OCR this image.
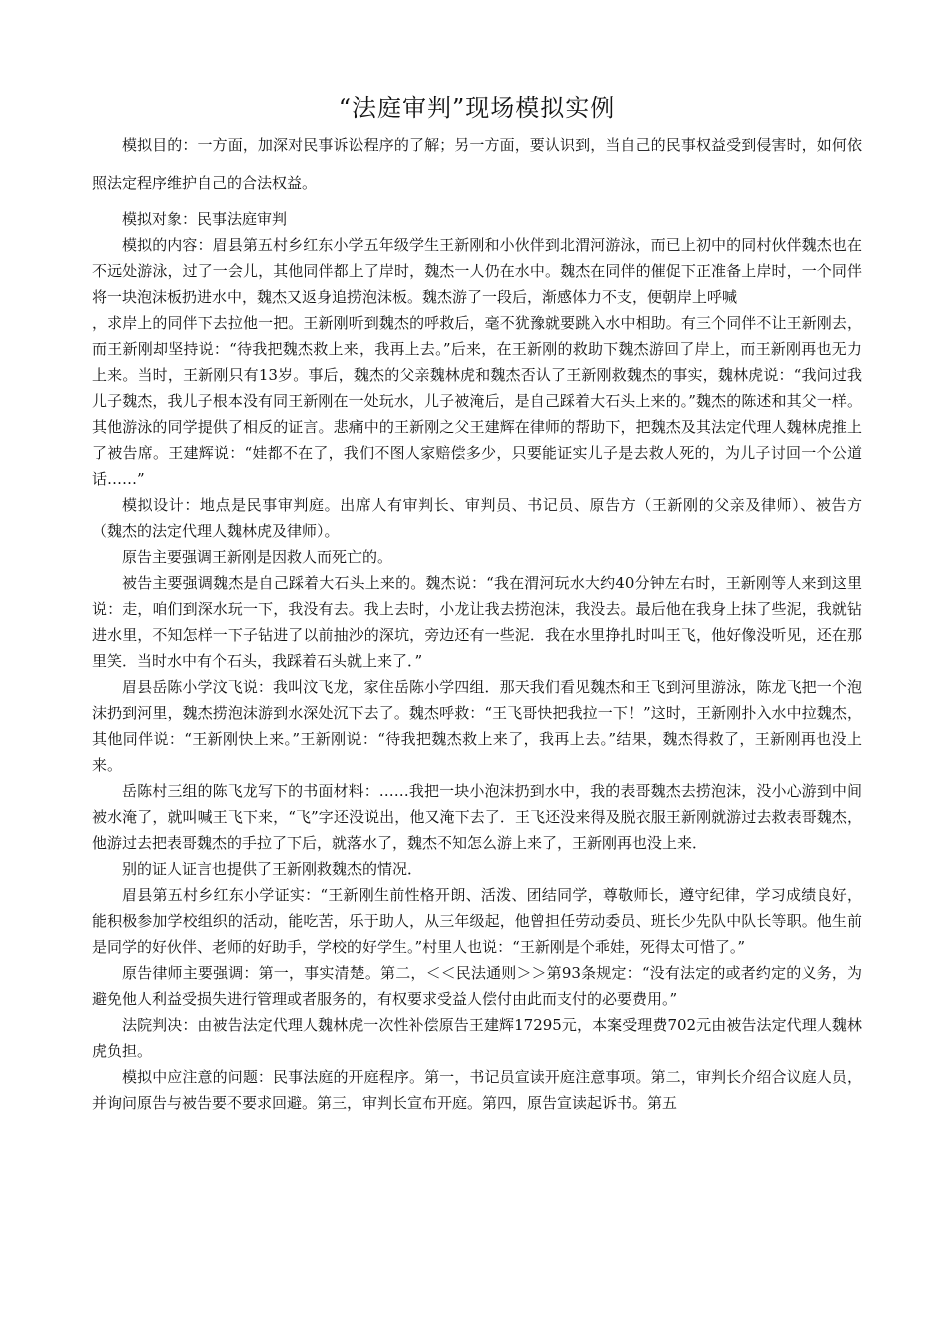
“法庭审判”现场模拟实例

模拟目的：一方面，加深对民事诉讼程序的了解；另一方面，要认识到，当自己的民事权益受到侵害时，如何依照法定程序维护自己的合法权益。

模拟对象：民事法庭审判

模拟的内容：眉县第五村乡红东小学五年级学生王新刚和小伙伴到北渭河游泳，而已上初中的同村伙伴魏杰也在不远处游泳，过了一会儿，其他同伴都上了岸时，魏杰一人仍在水中。魏杰在同伴的催促下正准备上岸时，一个同伴将一块泡沫板扔进水中，魏杰又返身追捞泡沫板。魏杰游了一段后，渐感体力不支，便朝岸上呼喊

，求岸上的同伴下去拉他一把。王新刚听到魏杰的呼救后，毫不犹豫就要跳入水中相助。有三个同伴不让王新刚去，而王新刚却坚持说：“待我把魏杰救上来，我再上去。”后来，在王新刚的救助下魏杰游回了岸上，而王新刚再也无力上来。当时，王新刚只有13岁。事后，魏杰的父亲魏林虎和魏杰否认了王新刚救魏杰的事实，魏林虎说：“我问过我儿子魏杰，我儿子根本没有同王新刚在一处玩水，儿子被淹后，是自己踩着大石头上来的。”魏杰的陈述和其父一样。其他游泳的同学提供了相反的证言。悲痛中的王新刚之父王建辉在律师的帮助下，把魏杰及其法定代理人魏林虎推上了被告席。王建辉说：“娃都不在了，我们不图人家赔偿多少，只要能证实儿子是去救人死的，为儿子讨回一个公道话……”

模拟设计：地点是民事审判庭。出席人有审判长、审判员、书记员、原告方（王新刚的父亲及律师）、被告方（魏杰的法定代理人魏林虎及律师）。

原告主要强调王新刚是因救人而死亡的。

被告主要强调魏杰是自己踩着大石头上来的。魏杰说：“我在渭河玩水大约40分钟左右时，王新刚等人来到这里说：走，咱们到深水玩一下，我没有去。我上去时，小龙让我去捞泡沫，我没去。最后他在我身上抹了些泥，我就钻进水里，不知怎样一下子钻进了以前抽沙的深坑，旁边还有一些泥．我在水里挣扎时叫王飞，他好像没听见，还在那里笑．当时水中有个石头，我踩着石头就上来了．”

眉县岳陈小学汶飞说：我叫汶飞龙，家住岳陈小学四组．那天我们看见魏杰和王飞到河里游泳，陈龙飞把一个泡沫扔到河里，魏杰捞泡沫游到水深处沉下去了。魏杰呼救：“王飞哥快把我拉一下！”这时，王新刚扑入水中拉魏杰，其他同伴说：“王新刚快上来。”王新刚说：“待我把魏杰救上来了，我再上去。”结果，魏杰得救了，王新刚再也没上来。

岳陈村三组的陈飞龙写下的书面材料：……我把一块小泡沫扔到水中，我的表哥魏杰去捞泡沫，没小心游到中间被水淹了，就叫喊王飞下来，“飞”字还没说出，他又淹下去了．王飞还没来得及脱衣服王新刚就游过去救表哥魏杰，他游过去把表哥魏杰的手拉了下后，就落水了，魏杰不知怎么游上来了，王新刚再也没上来．

别的证人证言也提供了王新刚救魏杰的情况．

眉县第五村乡红东小学证实：“王新刚生前性格开朗、活泼、团结同学，尊敬师长，遵守纪律，学习成绩良好，能积极参加学校组织的活动，能吃苦，乐于助人，从三年级起，他曾担任劳动委员、班长少先队中队长等职。他生前是同学的好伙伴、老师的好助手，学校的好学生。”村里人也说：“王新刚是个乖娃，死得太可惜了。”

原告律师主要强调：第一，事实清楚。第二，＜＜民法通则＞＞第93条规定：“没有法定的或者约定的义务，为避免他人利益受损失进行管理或者服务的，有权要求受益人偿付由此而支付的必要费用。”

法院判决：由被告法定代理人魏林虎一次性补偿原告王建辉17295元，本案受理费702元由被告法定代理人魏林虎负担。

模拟中应注意的问题：民事法庭的开庭程序。第一，书记员宣读开庭注意事项。第二，审判长介绍合议庭人员，并询问原告与被告要不要求回避。第三，审判长宣布开庭。第四，原告宣读起诉书。第五
